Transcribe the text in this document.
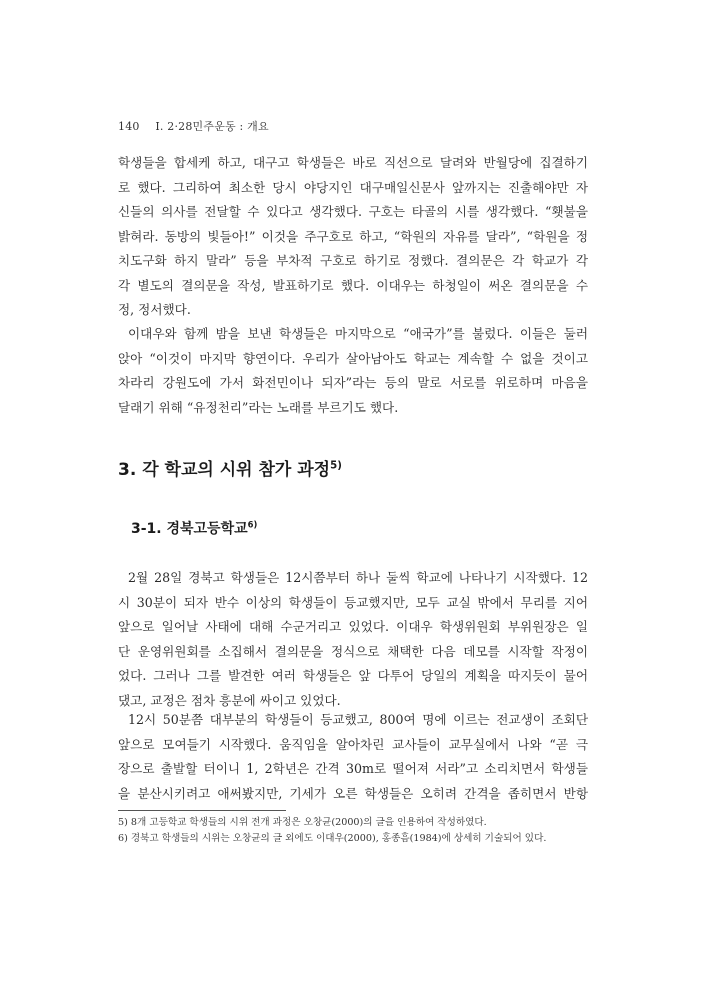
140 Ⅰ. 2·28민주운동 : 개요
학생들을 합세케 하고, 대구고 학생들은 바로 직선으로 달려와 반월당에 집결하기
로 했다. 그리하여 최소한 당시 야당지인 대구매일신문사 앞까지는 진출해야만 자
신들의 의사를 전달할 수 있다고 생각했다. 구호는 타골의 시를 생각했다. “횃불을
밝혀라. 동방의 빛들아!” 이것을 주구호로 하고, “학원의 자유를 달라”, “학원을 정
치도구화 하지 말라” 등을 부차적 구호로 하기로 정했다. 결의문은 각 학교가 각
각 별도의 결의문을 작성, 발표하기로 했다. 이대우는 하청일이 써온 결의문을 수
정, 정서했다.
이대우와 함께 밤을 보낸 학생들은 마지막으로 “애국가”를 불렀다. 이들은 둘러
앉아 “이것이 마지막 향연이다. 우리가 살아남아도 학교는 계속할 수 없을 것이고
차라리 강원도에 가서 화전민이나 되자”라는 등의 말로 서로를 위로하며 마음을
달래기 위해 “유정천리”라는 노래를 부르기도 했다.
3. 각 학교의 시위 참가 과정$^{5)}$
3-1. 경북고등학교$^{6)}$
2월 28일 경북고 학생들은 12시쯤부터 하나 둘씩 학교에 나타나기 시작했다. 12
시 30분이 되자 반수 이상의 학생들이 등교했지만, 모두 교실 밖에서 무리를 지어
앞으로 일어날 사태에 대해 수군거리고 있었다. 이대우 학생위원회 부위원장은 일
단 운영위원회를 소집해서 결의문을 정식으로 채택한 다음 데모를 시작할 작정이
었다. 그러나 그를 발견한 여러 학생들은 앞 다투어 당일의 계획을 따지듯이 물어
댔고, 교정은 점차 흥분에 싸이고 있었다.
12시 50분쯤 대부분의 학생들이 등교했고, 800여 명에 이르는 전교생이 조회단
앞으로 모여들기 시작했다. 움직임을 알아차린 교사들이 교무실에서 나와 “곧 극
장으로 출발할 터이니 1, 2학년은 간격 30m로 떨어져 서라”고 소리치면서 학생들
을 분산시키려고 애써봤지만, 기세가 오른 학생들은 오히려 간격을 좁히면서 반항
5) 8개 고등학교 학생들의 시위 전개 과정은 오창균(2000)의 글을 인용하여 작성하였다.
6) 경북고 학생들의 시위는 오창균의 글 외에도 이대우(2000), 홍종흠(1984)에 상세히 기술되어 있다.
